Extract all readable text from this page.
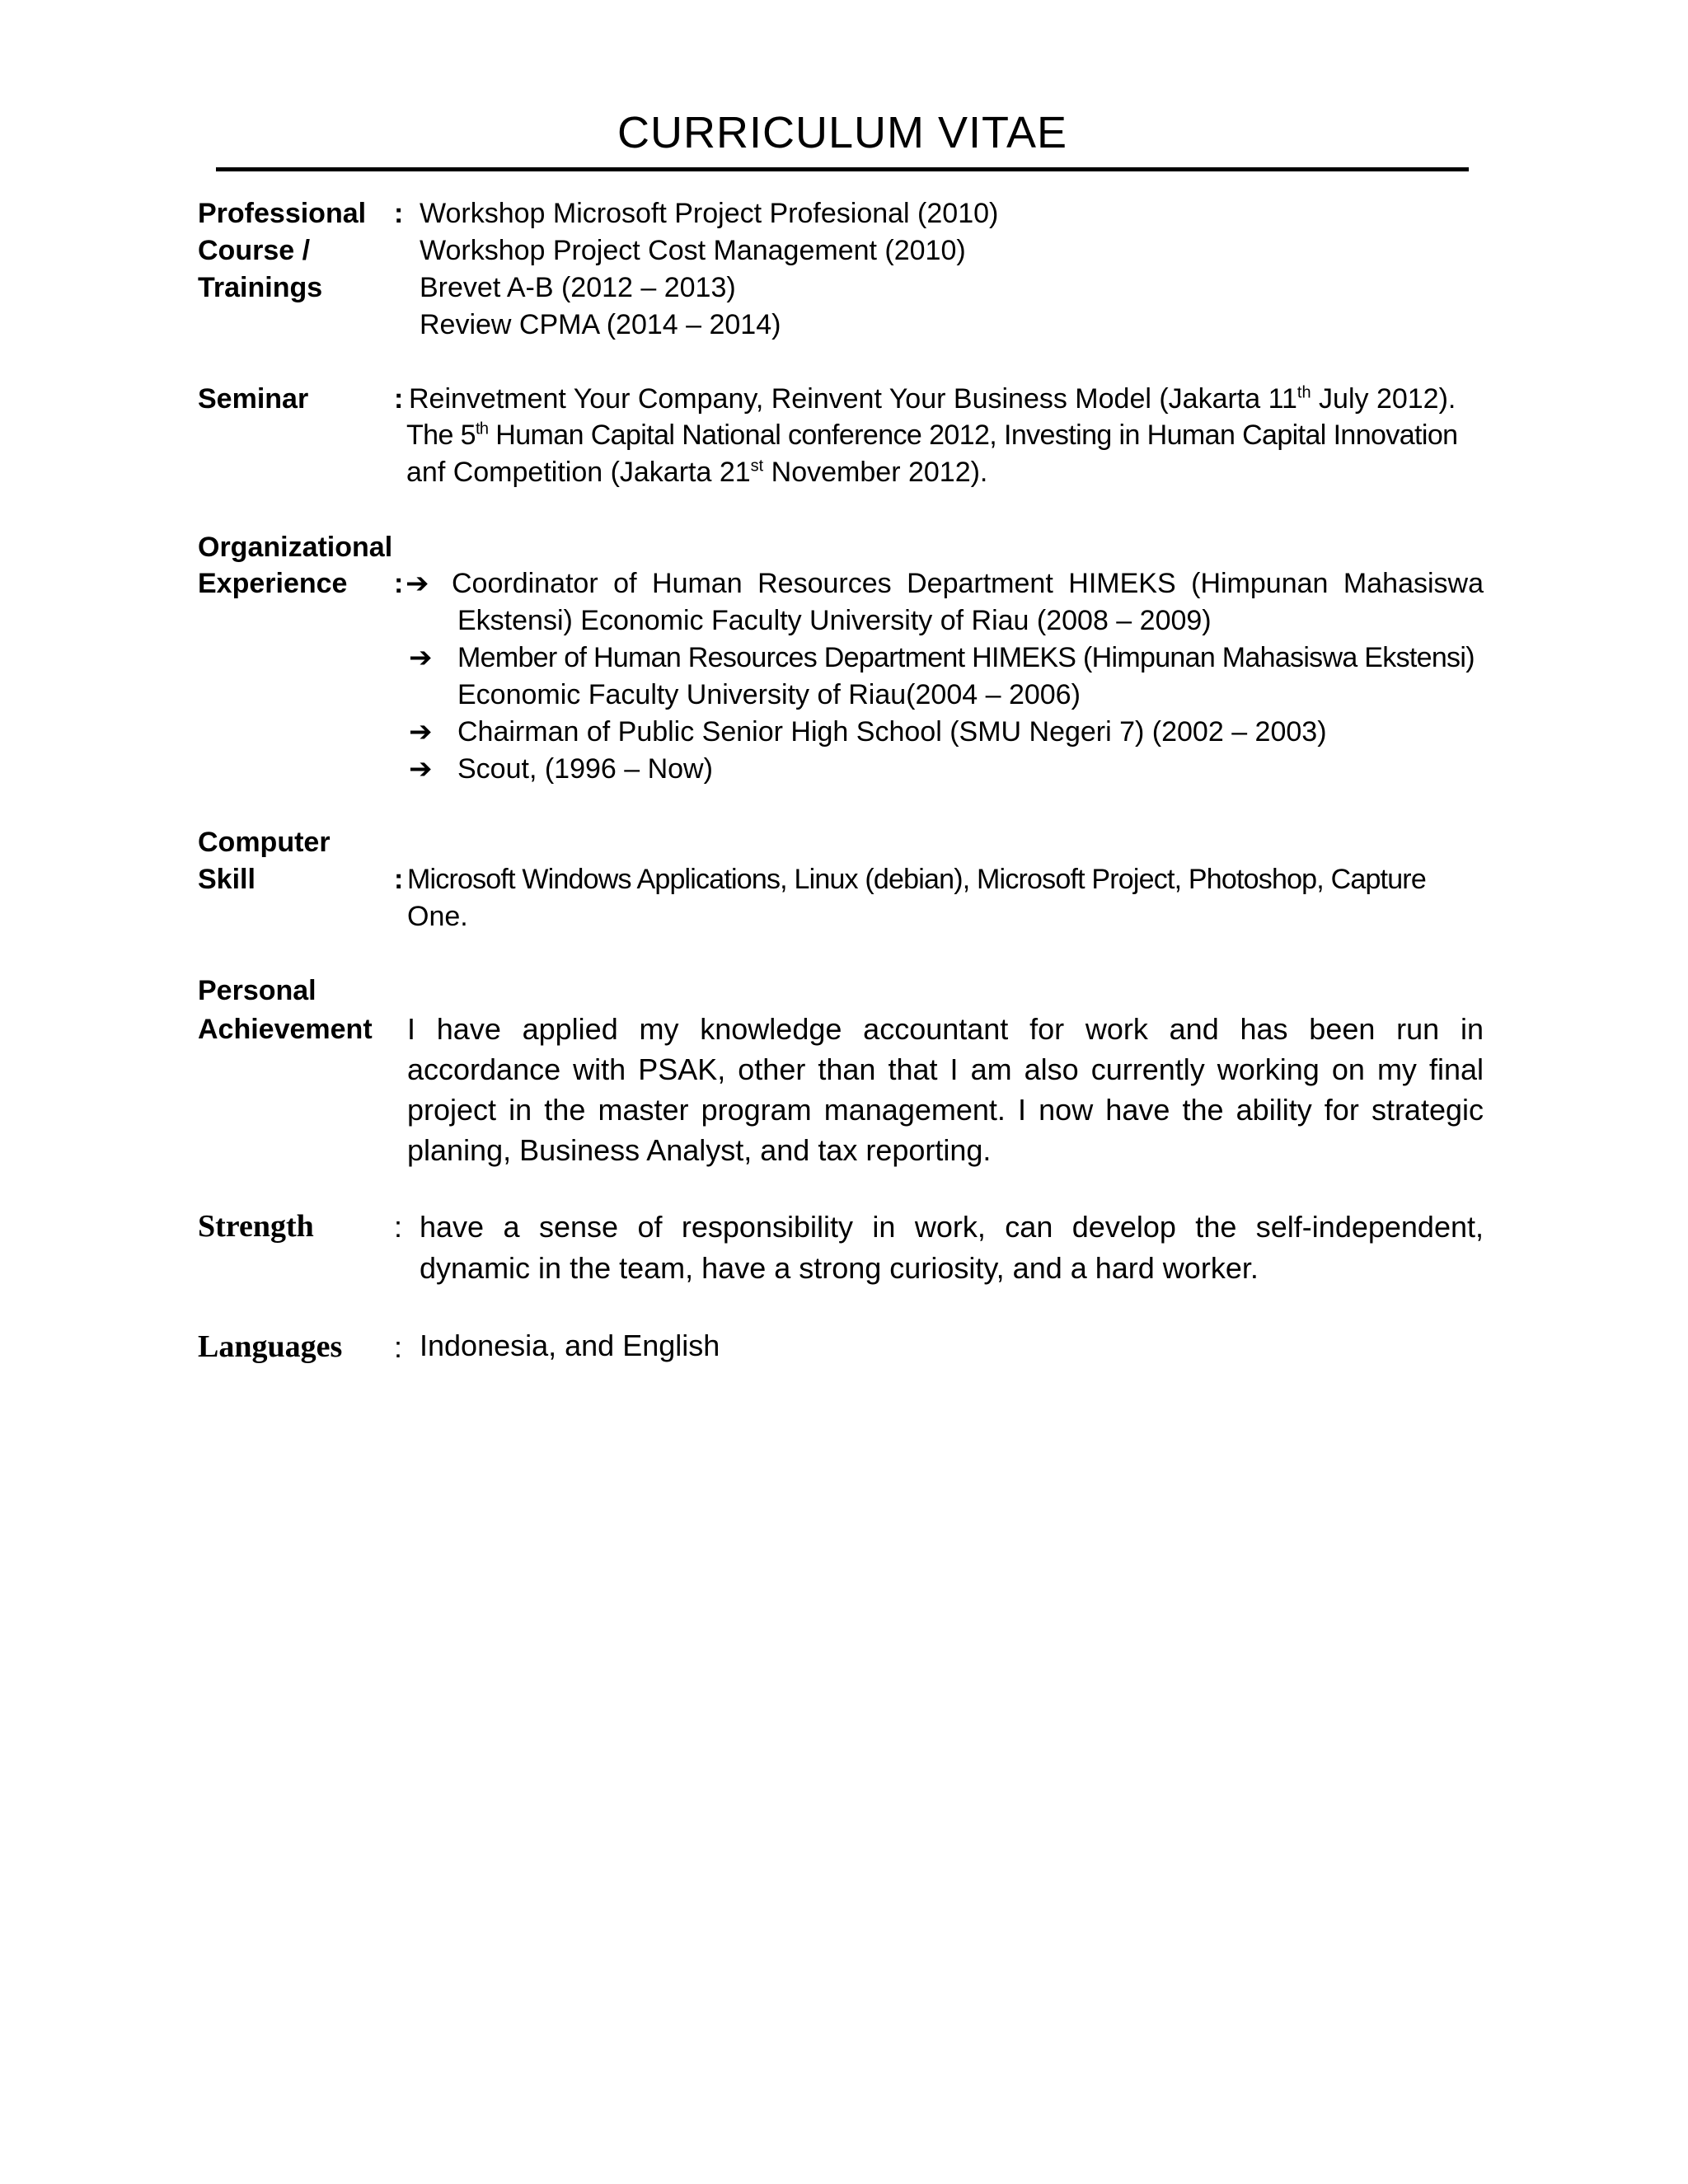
CURRICULUM VITAE
Professional
Course /
Trainings
: Workshop Microsoft Project Profesional (2010)
Workshop Project Cost Management (2010)
Brevet A-B (2012 – 2013)
Review CPMA (2014 – 2014)
Seminar	: Reinvetment Your Company, Reinvent Your Business Model (Jakarta 11th July 2012).
The 5th Human Capital National conference 2012, Investing in Human Capital Innovation
anf Competition (Jakarta 21st November 2012).
Organizational
Experience : ➔ Coordinator of Human Resources Department HIMEKS (Himpunan Mahasiswa
Ekstensi) Economic Faculty University of Riau (2008 – 2009)
➔ Member of Human Resources Department HIMEKS (Himpunan Mahasiswa Ekstensi)
Economic Faculty University of Riau(2004 – 2006)
➔ Chairman of Public Senior High School (SMU Negeri 7) (2002 – 2003)
➔ Scout, (1996 – Now)
Computer
Skill	: Microsoft Windows Applications, Linux (debian), Microsoft Project, Photoshop, Capture
One.
Personal
Achievement I have applied my knowledge accountant for work and has been run in accordance with PSAK, other than that I am also currently working on my final project in the master program management. I now have the ability for strategic planing, Business Analyst, and tax reporting.
Strength	: have a sense of responsibility in work, can develop the self-independent, dynamic in the team, have a strong curiosity, and a hard worker.
Languages : Indonesia, and English
